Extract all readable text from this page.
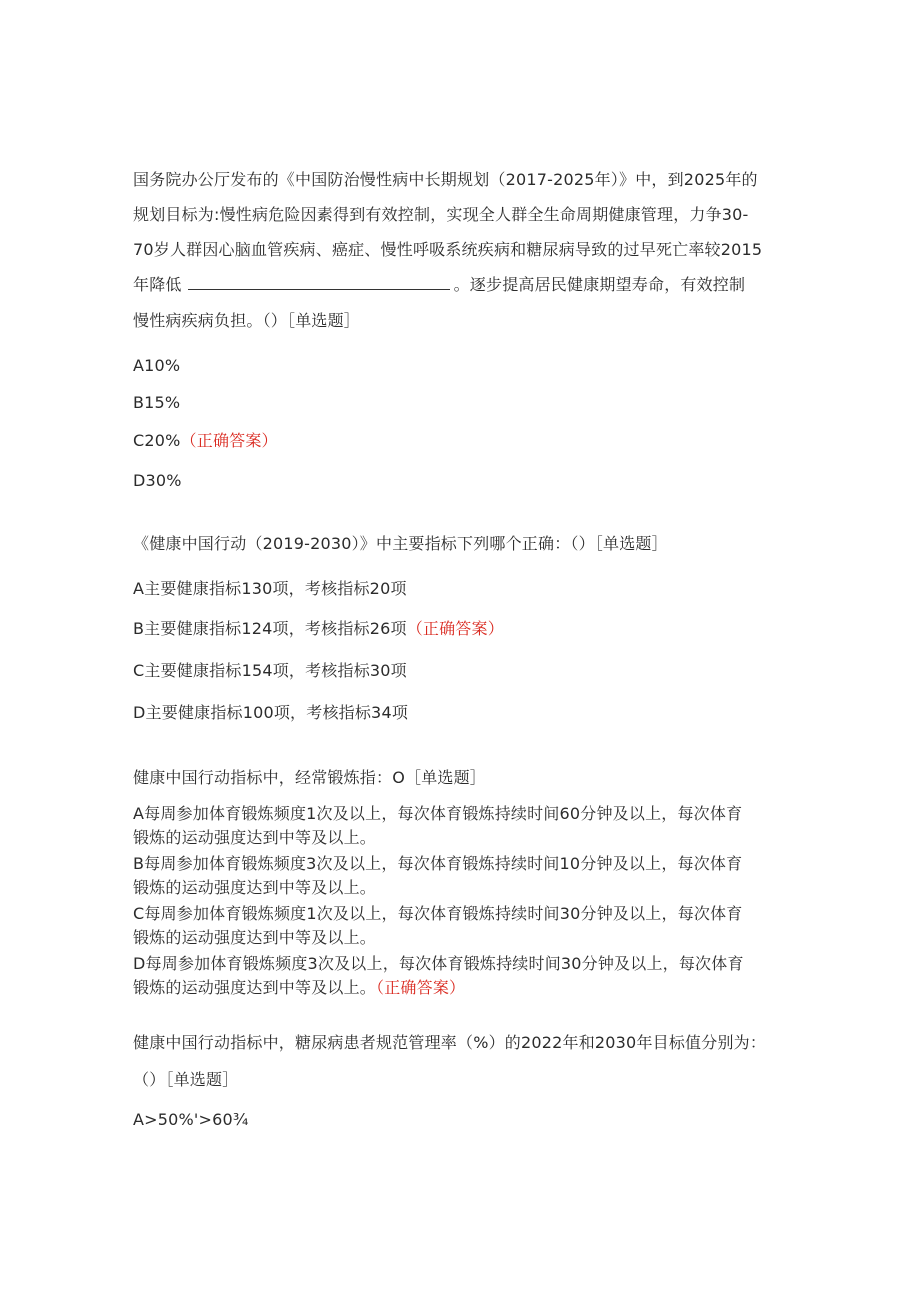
国务院办公厅发布的《中国防治慢性病中长期规划（2017-2025年）》中，到2025年的
规划目标为:慢性病危险因素得到有效控制，实现全人群全生命周期健康管理，力争30-
70岁人群因心脑血管疾病、癌症、慢性呼吸系统疾病和糖尿病导致的过早死亡率较2015
年降低	。逐步提高居民健康期望寿命，有效控制
慢性病疾病负担。（）［单选题］
A10%
B15%
C20%（正确答案）
D30%
《健康中国行动（2019-2030）》中主要指标下列哪个正确：（）［单选题］
A主要健康指标130项，考核指标20项
B主要健康指标124项，考核指标26项（正确答案）
C主要健康指标154项，考核指标30项
D主要健康指标100项，考核指标34项
健康中国行动指标中，经常锻炼指：O［单选题］
A每周参加体育锻炼频度1次及以上，每次体育锻炼持续时间60分钟及以上，每次体育
锻炼的运动强度达到中等及以上。
B每周参加体育锻炼频度3次及以上，每次体育锻炼持续时间10分钟及以上，每次体育
锻炼的运动强度达到中等及以上。
C每周参加体育锻炼频度1次及以上，每次体育锻炼持续时间30分钟及以上，每次体育
锻炼的运动强度达到中等及以上。
D每周参加体育锻炼频度3次及以上，每次体育锻炼持续时间30分钟及以上，每次体育
锻炼的运动强度达到中等及以上。（正确答案）
健康中国行动指标中，糖尿病患者规范管理率（%）的2022年和2030年目标值分别为：
（）［单选题］
A>50%'>60¾
